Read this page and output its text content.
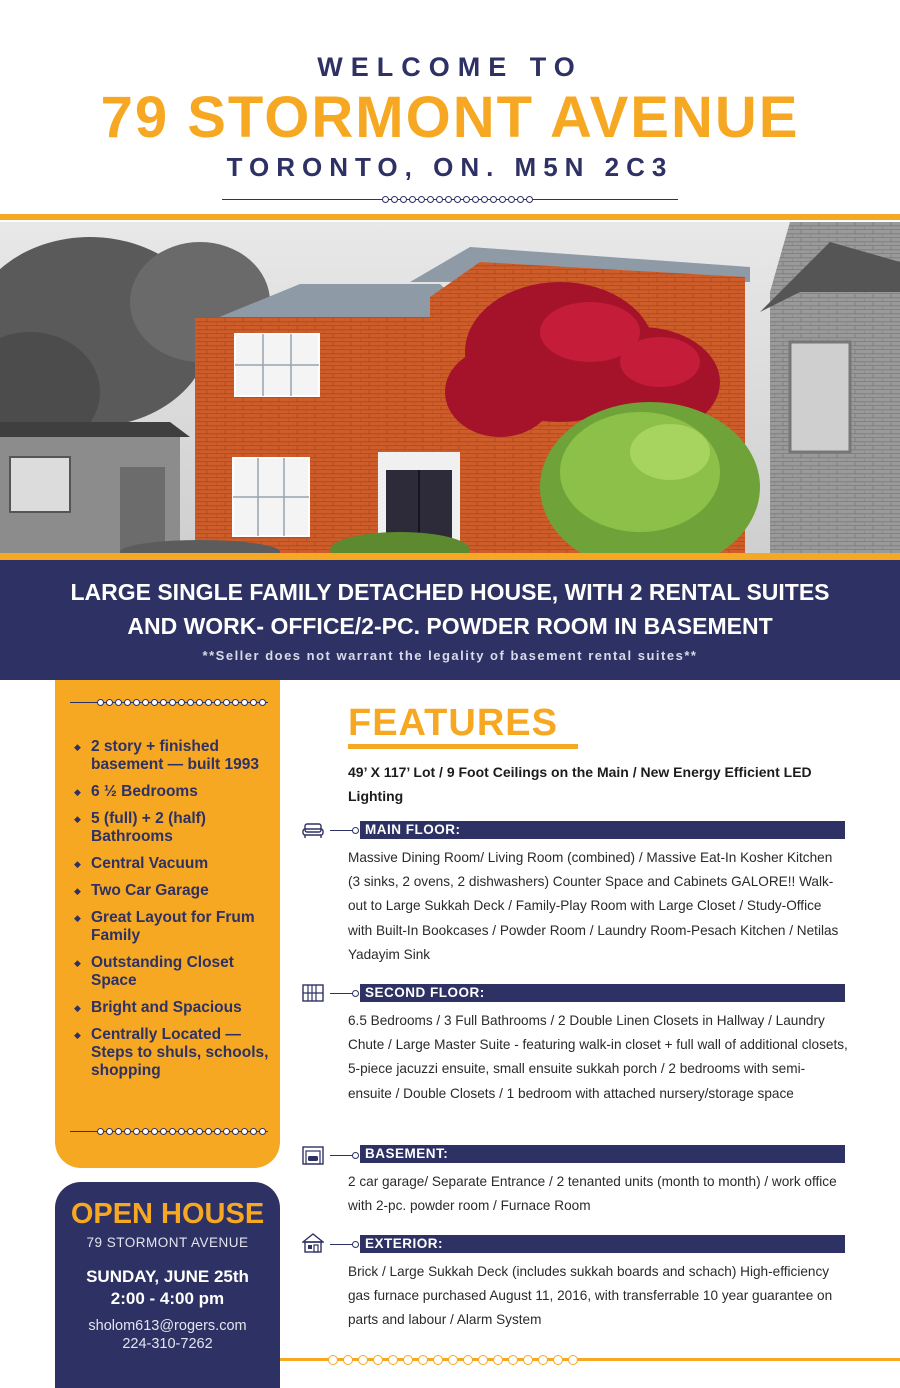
WELCOME TO
79 STORMONT AVENUE
TORONTO, ON. M5N 2C3
LARGE SINGLE FAMILY DETACHED HOUSE, WITH 2 RENTAL SUITES
AND WORK- OFFICE/2-PC. POWDER ROOM IN BASEMENT
**Seller does not warrant the legality of basement rental suites**
◆ 2 story + finished basement — built 1993
◆ 6 ½ Bedrooms
◆ 5 (full) + 2 (half) Bathrooms
◆ Central Vacuum
◆ Two Car Garage
◆ Great Layout for Frum Family
◆ Outstanding Closet Space
◆ Bright and Spacious
◆ Centrally Located — Steps to shuls, schools, shopping
OPEN HOUSE
79 STORMONT AVENUE
SUNDAY, JUNE 25th
2:00 - 4:00 pm
sholom613@rogers.com
224-310-7262
FEATURES
49’ X 117’ Lot / 9 Foot Ceilings on the Main / New Energy Efficient LED Lighting
MAIN FLOOR:
Massive Dining Room/ Living Room (combined) / Massive Eat-In Kosher Kitchen (3 sinks, 2 ovens, 2 dishwashers) Counter Space and Cabinets GALORE!! Walk-out to Large Sukkah Deck / Family-Play Room with Large Closet / Study-Office with Built-In Bookcases / Powder Room / Laundry Room-Pesach Kitchen / Netilas Yadayim Sink
SECOND FLOOR:
6.5 Bedrooms / 3 Full Bathrooms / 2 Double Linen Closets in Hallway / Laundry Chute / Large Master Suite - featuring walk-in closet + full wall of additional closets, 5-piece jacuzzi ensuite, small ensuite sukkah porch / 2 bedrooms with semi-ensuite / Double Closets / 1 bedroom with attached nursery/storage space
BASEMENT:
2 car garage/ Separate Entrance / 2 tenanted units (month to month) / work office with 2-pc. powder room / Furnace Room
EXTERIOR:
Brick / Large Sukkah Deck (includes sukkah boards and schach) High-efficiency gas furnace purchased August 11, 2016, with transferrable 10 year guarantee on parts and labour / Alarm System
